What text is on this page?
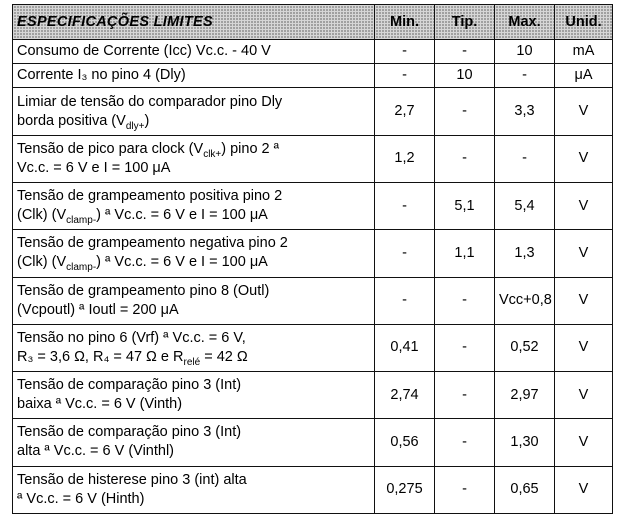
ESPECIFICAÇÕES LIMITES	Min.	Tip.	Max.	Unid.

Consumo de Corrente (Icc) Vc.c. - 40 V	-	-	10	mA

Corrente I₃ no pino 4 (Dly)	-	10	-	μA

Limiar de tensão do comparador pino Dly
borda positiva $(V_{dly+})$	2,7	-	3,3	V

Tensão de pico para clock $(V_{clk+})$ pino 2 ª
Vc.c. = 6 V e I = 100 μA	1,2	-	-	V

Tensão de grampeamento positiva pino 2
(Clk) $(V_{clamp-})$ ª Vc.c. = 6 V e I = 100 μA	-	5,1	5,4	V

Tensão de grampeamento negativa pino 2
(Clk) $(V_{clamp-})$ ª Vc.c. = 6 V e I = 100 μA	-	1,1	1,3	V

Tensão de grampeamento pino 8 (Outl)
(Vcpoutl) ª Ioutl = 200 μA	-	-	Vcc+0,8	V

Tensão no pino 6 (Vrf) ª Vc.c. = 6 V,
R₃ = 3,6 Ω, R₄ = 47 Ω e $R_{relé} = 42$ Ω	0,41	-	0,52	V

Tensão de comparação pino 3 (Int)
baixa ª Vc.c. = 6 V (Vinth)	2,74	-	2,97	V

Tensão de comparação pino 3 (Int)
alta ª Vc.c. = 6 V (Vinthl)	0,56	-	1,30	V

Tensão de histerese pino 3 (int) alta
ª Vc.c. = 6 V (Hinth)	0,275	-	0,65	V
